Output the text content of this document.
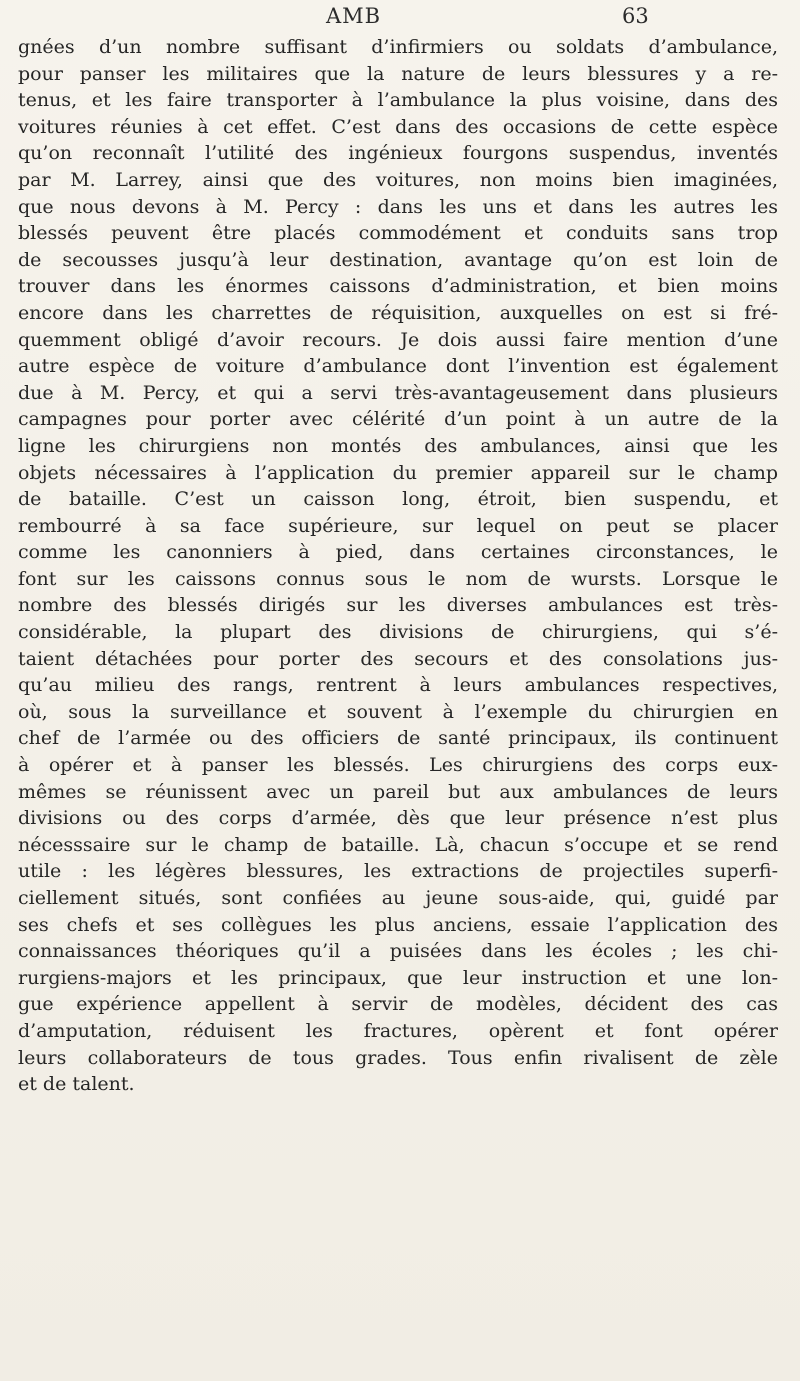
AMB	63
gnées d’un nombre suffisant d’infirmiers ou soldats d’ambulance,
pour panser les militaires que la nature de leurs blessures y a re-
tenus, et les faire transporter à l’ambulance la plus voisine, dans des
voitures réunies à cet effet. C’est dans des occasions de cette espèce
qu’on reconnaît l’utilité des ingénieux fourgons suspendus, inventés
par M. Larrey, ainsi que des voitures, non moins bien imaginées,
que nous devons à M. Percy : dans les uns et dans les autres les
blessés peuvent être placés commodément et conduits sans trop
de secousses jusqu’à leur destination, avantage qu’on est loin de
trouver dans les énormes caissons d’administration, et bien moins
encore dans les charrettes de réquisition, auxquelles on est si fré-
quemment obligé d’avoir recours. Je dois aussi faire mention d’une
autre espèce de voiture d’ambulance dont l’invention est également
due à M. Percy, et qui a servi très-avantageusement dans plusieurs
campagnes pour porter avec célérité d’un point à un autre de la
ligne les chirurgiens non montés des ambulances, ainsi que les
objets nécessaires à l’application du premier appareil sur le champ
de bataille. C’est un caisson long, étroit, bien suspendu, et
rembourré à sa face supérieure, sur lequel on peut se placer
comme les canonniers à pied, dans certaines circonstances, le
font sur les caissons connus sous le nom de wursts. Lorsque le
nombre des blessés dirigés sur les diverses ambulances est très-
considérable, la plupart des divisions de chirurgiens, qui s’é-
taient détachées pour porter des secours et des consolations jus-
qu’au milieu des rangs, rentrent à leurs ambulances respectives,
où, sous la surveillance et souvent à l’exemple du chirurgien en
chef de l’armée ou des officiers de santé principaux, ils continuent
à opérer et à panser les blessés. Les chirurgiens des corps eux-
mêmes se réunissent avec un pareil but aux ambulances de leurs
divisions ou des corps d’armée, dès que leur présence n’est plus
nécesssaire sur le champ de bataille. Là, chacun s’occupe et se rend
utile : les légères blessures, les extractions de projectiles superfi-
ciellement situés, sont confiées au jeune sous-aide, qui, guidé par
ses chefs et ses collègues les plus anciens, essaie l’application des
connaissances théoriques qu’il a puisées dans les écoles ; les chi-
rurgiens-majors et les principaux, que leur instruction et une lon-
gue expérience appellent à servir de modèles, décident des cas
d’amputation, réduisent les fractures, opèrent et font opérer
leurs collaborateurs de tous grades. Tous enfin rivalisent de zèle
et de talent.
